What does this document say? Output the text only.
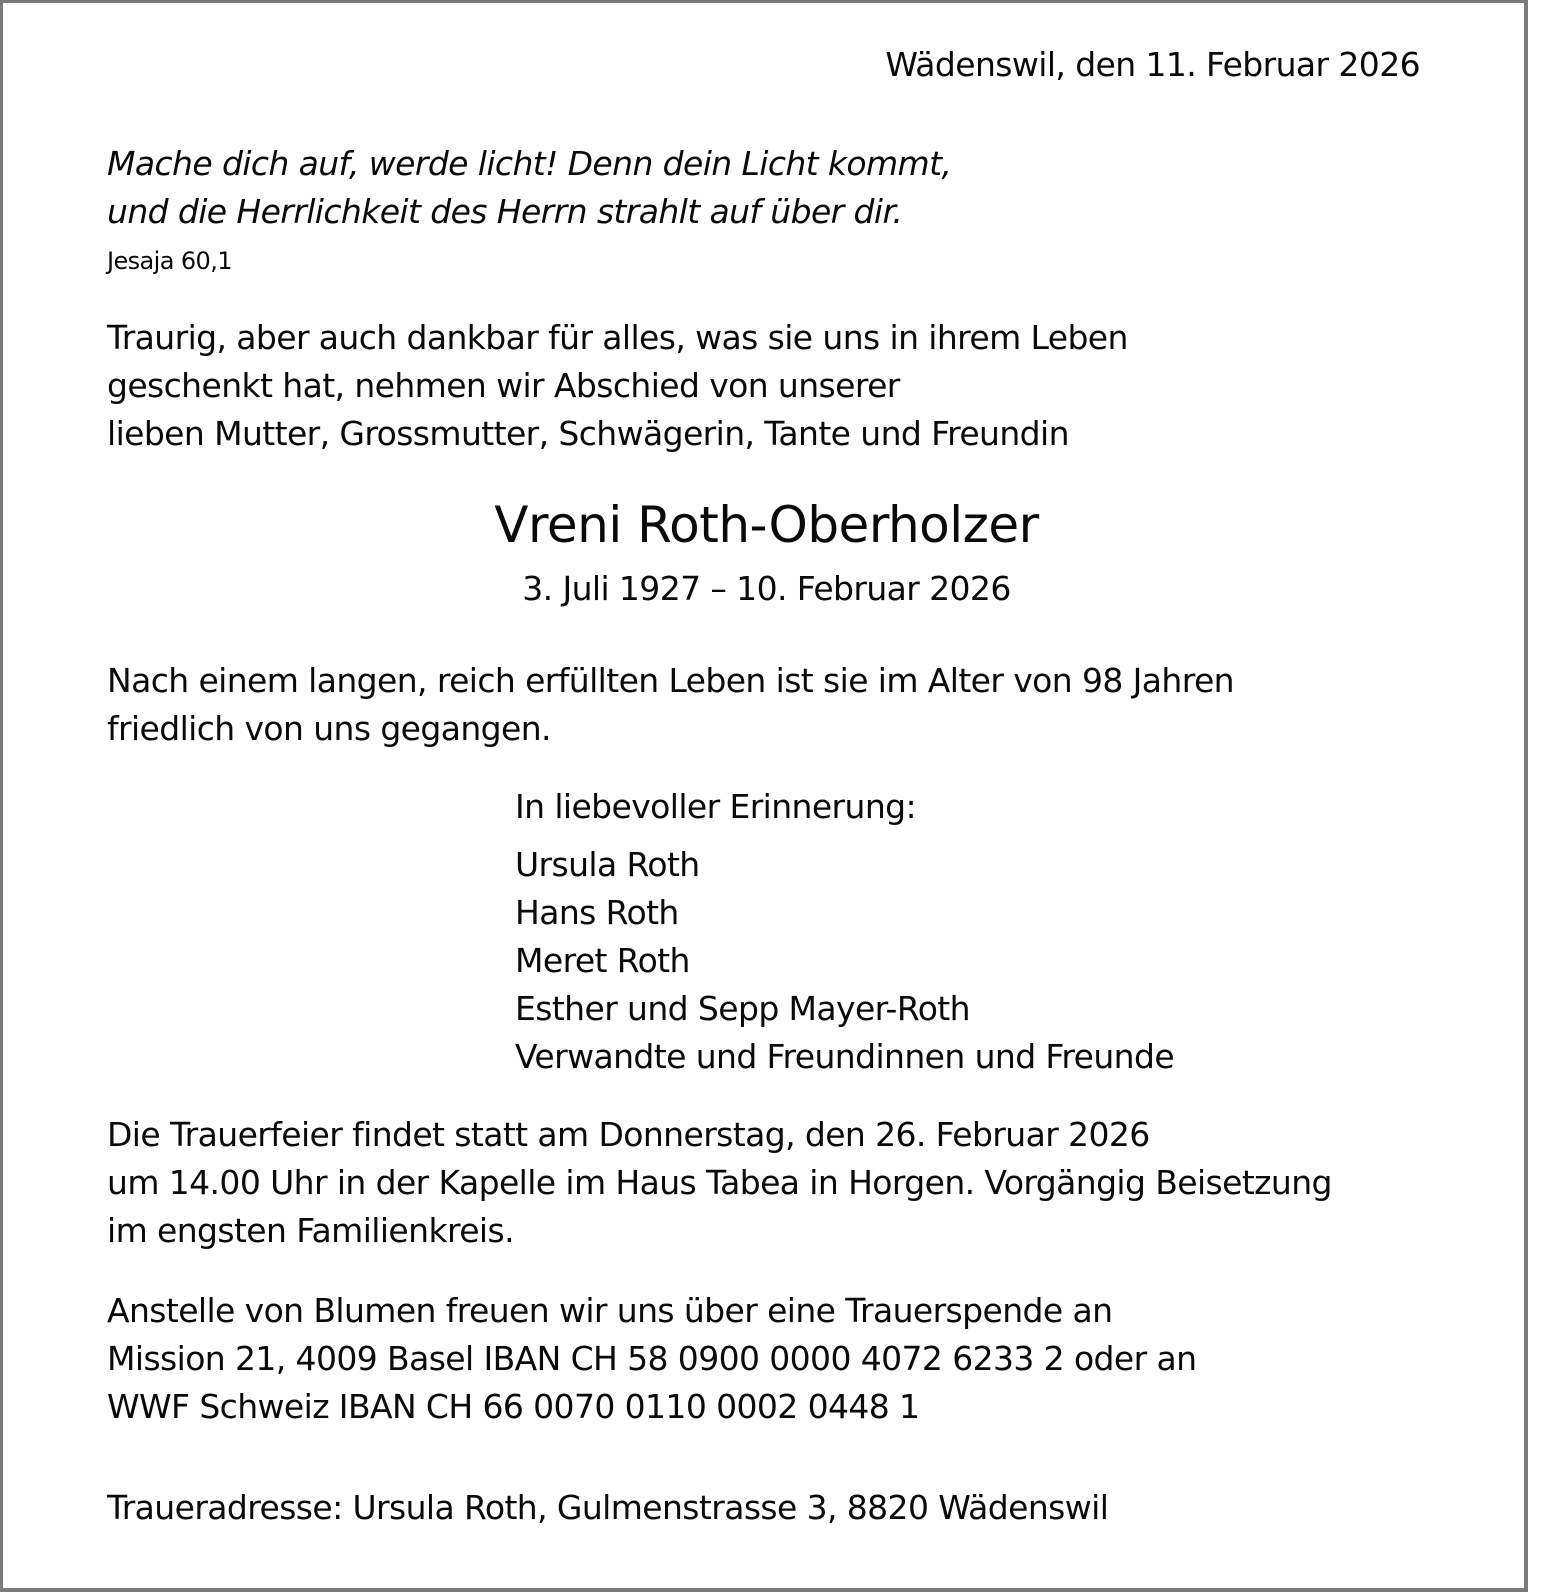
Wädenswil, den 11. Februar 2026
Mache dich auf, werde licht! Denn dein Licht kommt,
und die Herrlichkeit des Herrn strahlt auf über dir.
Jesaja 60,1
Traurig, aber auch dankbar für alles, was sie uns in ihrem Leben
geschenkt hat, nehmen wir Abschied von unserer
lieben Mutter, Grossmutter, Schwägerin, Tante und Freundin
Vreni Roth-Oberholzer
3. Juli 1927 – 10. Februar 2026
Nach einem langen, reich erfüllten Leben ist sie im Alter von 98 Jahren
friedlich von uns gegangen.
In liebevoller Erinnerung:
Ursula Roth
Hans Roth
Meret Roth
Esther und Sepp Mayer-Roth
Verwandte und Freundinnen und Freunde
Die Trauerfeier findet statt am Donnerstag, den 26. Februar 2026
um 14.00 Uhr in der Kapelle im Haus Tabea in Horgen. Vorgängig Beisetzung
im engsten Familienkreis.
Anstelle von Blumen freuen wir uns über eine Trauerspende an
Mission 21, 4009 Basel IBAN CH 58 0900 0000 4072 6233 2 oder an
WWF Schweiz IBAN CH 66 0070 0110 0002 0448 1
Traueradresse: Ursula Roth, Gulmenstrasse 3, 8820 Wädenswil
